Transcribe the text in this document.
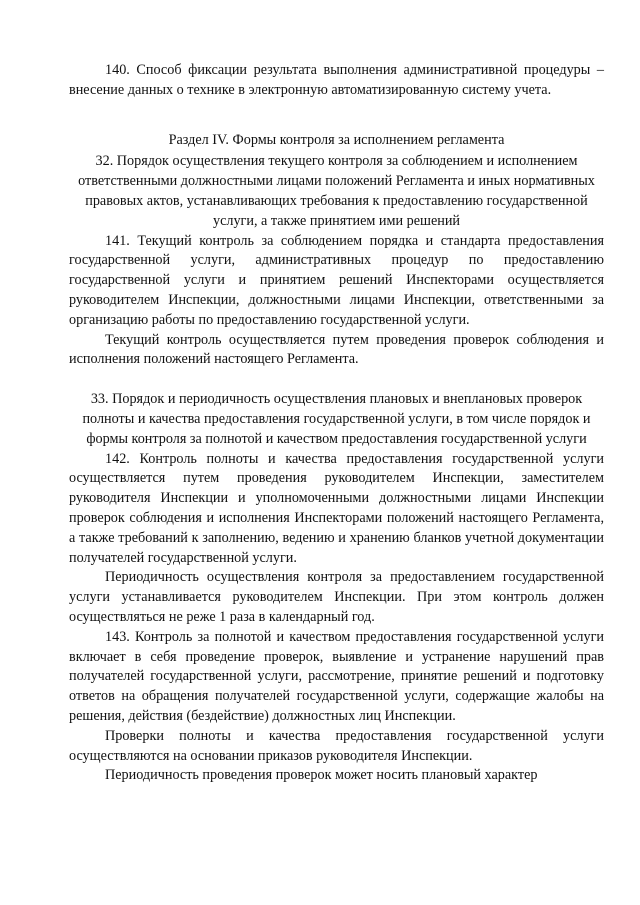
140. Способ фиксации результата выполнения административной процедуры – внесение данных о технике в электронную автоматизированную систему учета.

Раздел IV. Формы контроля за исполнением регламента

32. Порядок осуществления текущего контроля за соблюдением и исполнением ответственными должностными лицами положений Регламента и иных нормативных правовых актов, устанавливающих требования к предоставлению государственной услуги, а также принятием ими решений

141. Текущий контроль за соблюдением порядка и стандарта предоставления государственной услуги, административных процедур по предоставлению государственной услуги и принятием решений Инспекторами осуществляется руководителем Инспекции, должностными лицами Инспекции, ответственными за организацию работы по предоставлению государственной услуги.

Текущий контроль осуществляется путем проведения проверок соблюдения и исполнения положений настоящего Регламента.

33. Порядок и периодичность осуществления плановых и внеплановых проверок полноты и качества предоставления государственной услуги, в том числе порядок и формы контроля за полнотой и качеством предоставления государственной услуги

142. Контроль полноты и качества предоставления государственной услуги осуществляется путем проведения руководителем Инспекции, заместителем руководителя Инспекции и уполномоченными должностными лицами Инспекции проверок соблюдения и исполнения Инспекторами положений настоящего Регламента, а также требований к заполнению, ведению и хранению бланков учетной документации получателей государственной услуги.

Периодичность осуществления контроля за предоставлением государственной услуги устанавливается руководителем Инспекции. При этом контроль должен осуществляться не реже 1 раза в календарный год.

143. Контроль за полнотой и качеством предоставления государственной услуги включает в себя проведение проверок, выявление и устранение нарушений прав получателей государственной услуги, рассмотрение, принятие решений и подготовку ответов на обращения получателей государственной услуги, содержащие жалобы на решения, действия (бездействие) должностных лиц Инспекции.

Проверки полноты и качества предоставления государственной услуги осуществляются на основании приказов руководителя Инспекции.

Периодичность проведения проверок может носить плановый характер
